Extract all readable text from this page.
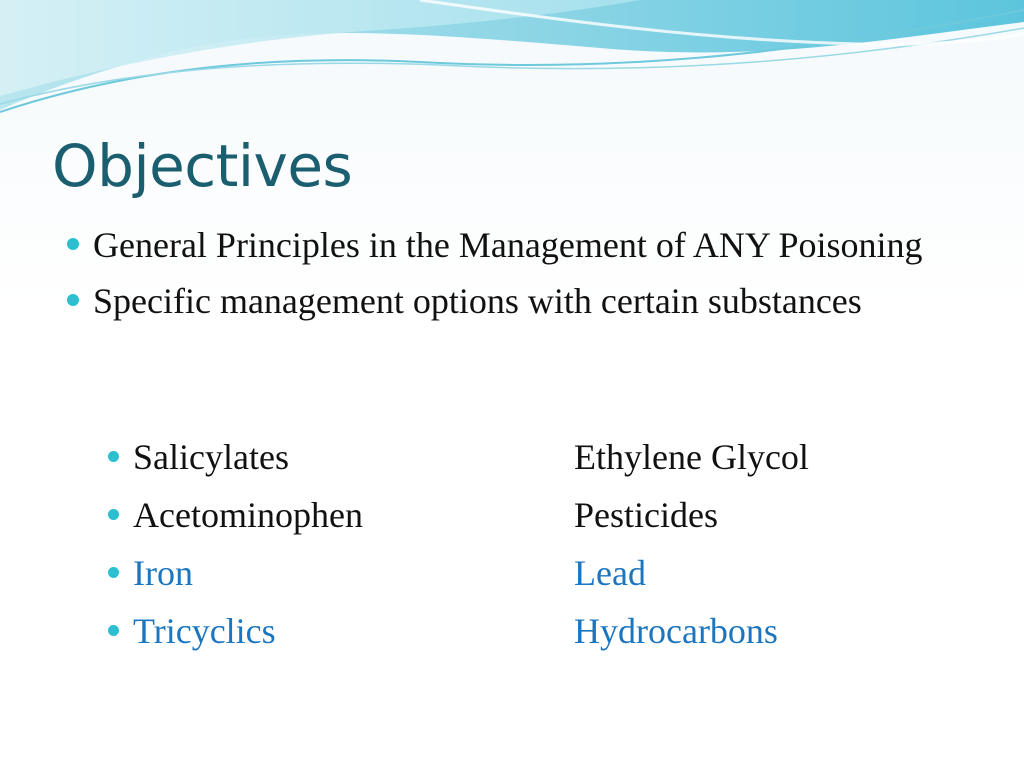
Objectives
General Principles in the Management of ANY Poisoning
Specific management options with certain substances
Salicylates	Ethylene Glycol
Acetominophen	Pesticides
Iron	Lead
Tricyclics	Hydrocarbons
